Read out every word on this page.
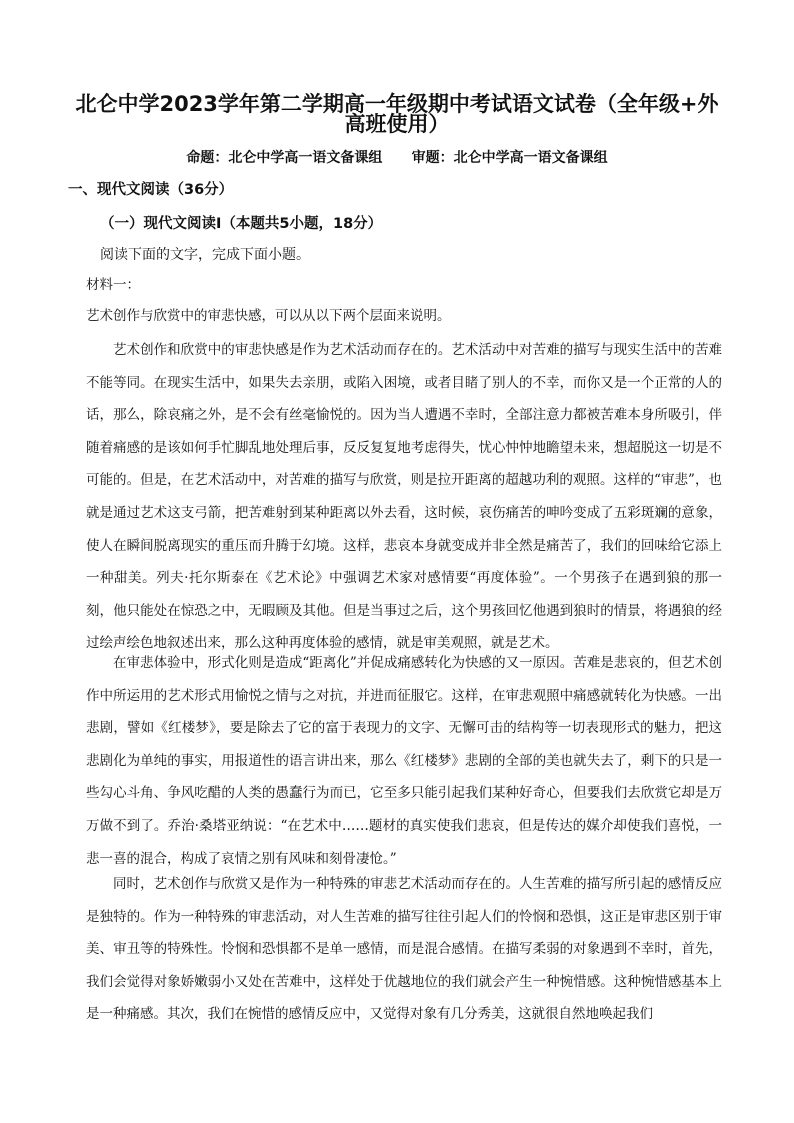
北仑中学2023学年第二学期高一年级期中考试语文试卷（全年级+外
高班使用）
命题：北仑中学高一语文备课组      审题：北仑中学高一语文备课组
一、现代文阅读（36分）
（一）现代文阅读Ⅰ（本题共5小题，18分）
阅读下面的文字，完成下面小题。
材料一：
艺术创作与欣赏中的审悲快感，可以从以下两个层面来说明。

艺术创作和欣赏中的审悲快感是作为艺术活动而存在的。艺术活动中对苦难的描写与现实生活中的苦难不能等同。在现实生活中，如果失去亲朋，或陷入困境，或者目睹了别人的不幸，而你又是一个正常的人的话，那么，除哀痛之外，是不会有丝毫愉悦的。因为当人遭遇不幸时，全部注意力都被苦难本身所吸引，伴随着痛感的是该如何手忙脚乱地处理后事，反反复复地考虑得失，忧心忡忡地瞻望未来，想超脱这一切是不可能的。但是，在艺术活动中，对苦难的描写与欣赏，则是拉开距离的超越功利的观照。这样的“审悲”，也就是通过艺术这支弓箭，把苦难射到某种距离以外去看，这时候，哀伤痛苦的呻吟变成了五彩斑斓的意象，使人在瞬间脱离现实的重压而升腾于幻境。这样，悲哀本身就变成并非全然是痛苦了，我们的回味给它添上一种甜美。列夫·托尔斯泰在《艺术论》中强调艺术家对感情要“再度体验”。一个男孩子在遇到狼的那一刻，他只能处在惊恐之中，无暇顾及其他。但是当事过之后，这个男孩回忆他遇到狼时的情景，将遇狼的经过绘声绘色地叙述出来，那么这种再度体验的感情，就是审美观照，就是艺术。

在审悲体验中，形式化则是造成“距离化”并促成痛感转化为快感的又一原因。苦难是悲哀的，但艺术创作中所运用的艺术形式用愉悦之情与之对抗，并进而征服它。这样，在审悲观照中痛感就转化为快感。一出悲剧，譬如《红楼梦》，要是除去了它的富于表现力的文字、无懈可击的结构等一切表现形式的魅力，把这悲剧化为单纯的事实，用报道性的语言讲出来，那么《红楼梦》悲剧的全部的美也就失去了，剩下的只是一些勾心斗角、争风吃醋的人类的愚蠢行为而已，它至多只能引起我们某种好奇心，但要我们去欣赏它却是万万做不到了。乔治·桑塔亚纳说：“在艺术中……题材的真实使我们悲哀，但是传达的媒介却使我们喜悦，一悲一喜的混合，构成了哀情之别有风味和刻骨凄怆。”

同时，艺术创作与欣赏又是作为一种特殊的审悲艺术活动而存在的。人生苦难的描写所引起的感情反应是独特的。作为一种特殊的审悲活动，对人生苦难的描写往往引起人们的怜悯和恐惧，这正是审悲区别于审美、审丑等的特殊性。怜悯和恐惧都不是单一感情，而是混合感情。在描写柔弱的对象遇到不幸时，首先，我们会觉得对象娇嫩弱小又处在苦难中，这样处于优越地位的我们就会产生一种惋惜感。这种惋惜感基本上是一种痛感。其次，我们在惋惜的感情反应中，又觉得对象有几分秀美，这就很自然地唤起我们
